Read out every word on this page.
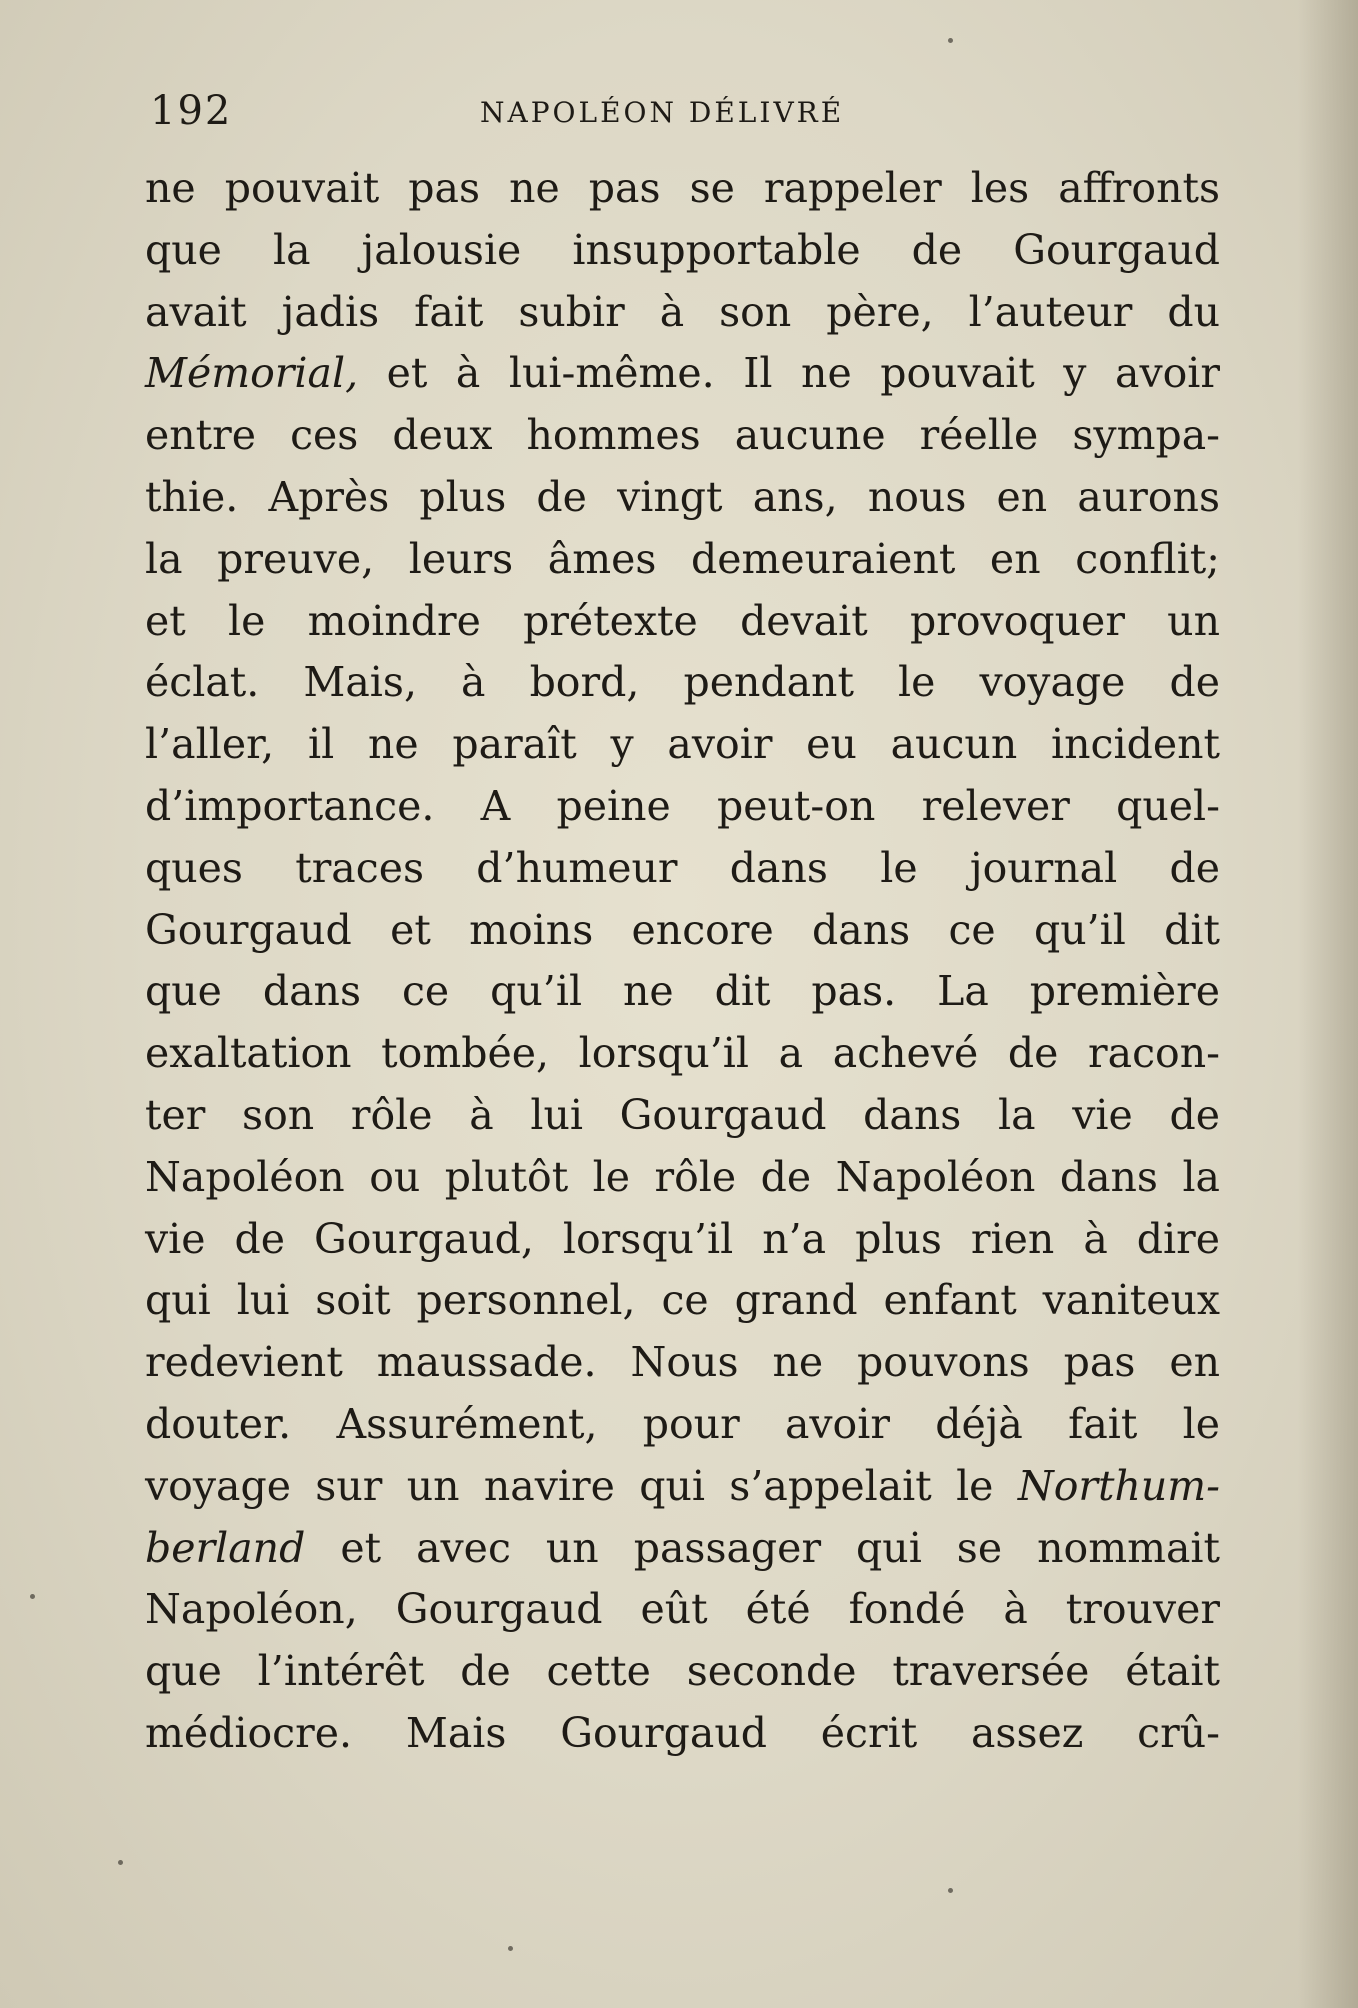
192	NAPOLÉON DÉLIVRÉ
ne pouvait pas ne pas se rappeler les affronts
que la jalousie insupportable de Gourgaud
avait jadis fait subir à son père, l’auteur du
Mémorial, et à lui-même. Il ne pouvait y avoir
entre ces deux hommes aucune réelle sympa-
thie. Après plus de vingt ans, nous en aurons
la preuve, leurs âmes demeuraient en conflit;
et le moindre prétexte devait provoquer un
éclat. Mais, à bord, pendant le voyage de
l’aller, il ne paraît y avoir eu aucun incident
d’importance. A peine peut-on relever quel-
ques traces d’humeur dans le journal de
Gourgaud et moins encore dans ce qu’il dit
que dans ce qu’il ne dit pas. La première
exaltation tombée, lorsqu’il a achevé de racon-
ter son rôle à lui Gourgaud dans la vie de
Napoléon ou plutôt le rôle de Napoléon dans la
vie de Gourgaud, lorsqu’il n’a plus rien à dire
qui lui soit personnel, ce grand enfant vaniteux
redevient maussade. Nous ne pouvons pas en
douter. Assurément, pour avoir déjà fait le
voyage sur un navire qui s’appelait le Northum-
berland et avec un passager qui se nommait
Napoléon, Gourgaud eût été fondé à trouver
que l’intérêt de cette seconde traversée était
médiocre. Mais Gourgaud écrit assez crû-
